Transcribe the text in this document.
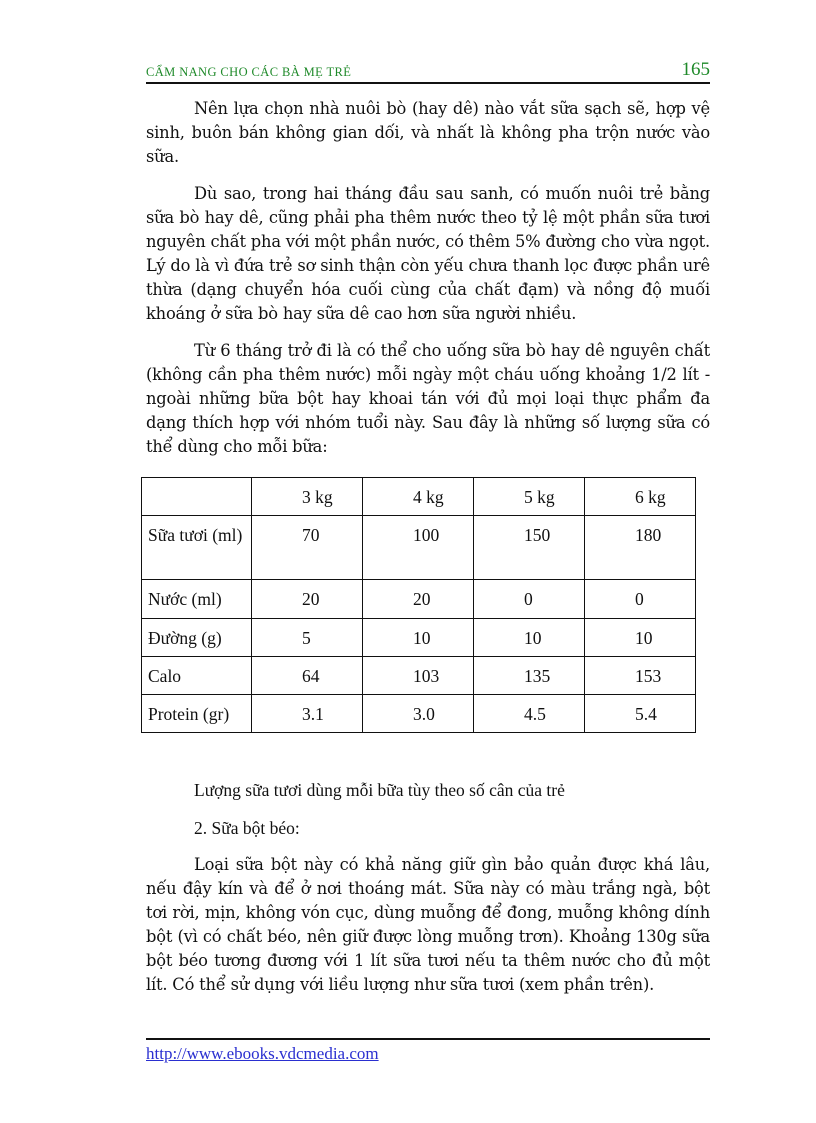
CẨM NANG CHO CÁC BÀ MẸ TRẺ	165

Nên lựa chọn nhà nuôi bò (hay dê) nào vắt sữa sạch sẽ, hợp vệ sinh, buôn bán không gian dối, và nhất là không pha trộn nước vào sữa.

Dù sao, trong hai tháng đầu sau sanh, có muốn nuôi trẻ bằng sữa bò hay dê, cũng phải pha thêm nước theo tỷ lệ một phần sữa tươi nguyên chất pha với một phần nước, có thêm 5% đường cho vừa ngọt. Lý do là vì đứa trẻ sơ sinh thận còn yếu chưa thanh lọc được phần urê thừa (dạng chuyển hóa cuối cùng của chất đạm) và nồng độ muối khoáng ở sữa bò hay sữa dê cao hơn sữa người nhiều.

Từ 6 tháng trở đi là có thể cho uống sữa bò hay dê nguyên chất (không cần pha thêm nước) mỗi ngày một cháu uống khoảng 1/2 lít - ngoài những bữa bột hay khoai tán với đủ mọi loại thực phẩm đa dạng thích hợp với nhóm tuổi này. Sau đây là những số lượng sữa có thể dùng cho mỗi bữa:

	3 kg	4 kg	5 kg	6 kg
Sữa tươi (ml)	70	100	150	180
Nước (ml)	20	20	0	0
Đường (g)	5	10	10	10
Calo	64	103	135	153
Protein (gr)	3.1	3.0	4.5	5.4
Lượng sữa tươi dùng mỗi bữa tùy theo số cân của trẻ
2. Sữa bột béo:

Loại sữa bột này có khả năng giữ gìn bảo quản được khá lâu, nếu đậy kín và để ở nơi thoáng mát. Sữa này có màu trắng ngà, bột tơi rời, mịn, không vón cục, dùng muỗng để đong, muỗng không dính bột (vì có chất béo, nên giữ được lòng muỗng trơn). Khoảng 130g sữa bột béo tương đương với 1 lít sữa tươi nếu ta thêm nước cho đủ một lít. Có thể sử dụng với liều lượng như sữa tươi (xem phần trên).

http://www.ebooks.vdcmedia.com
